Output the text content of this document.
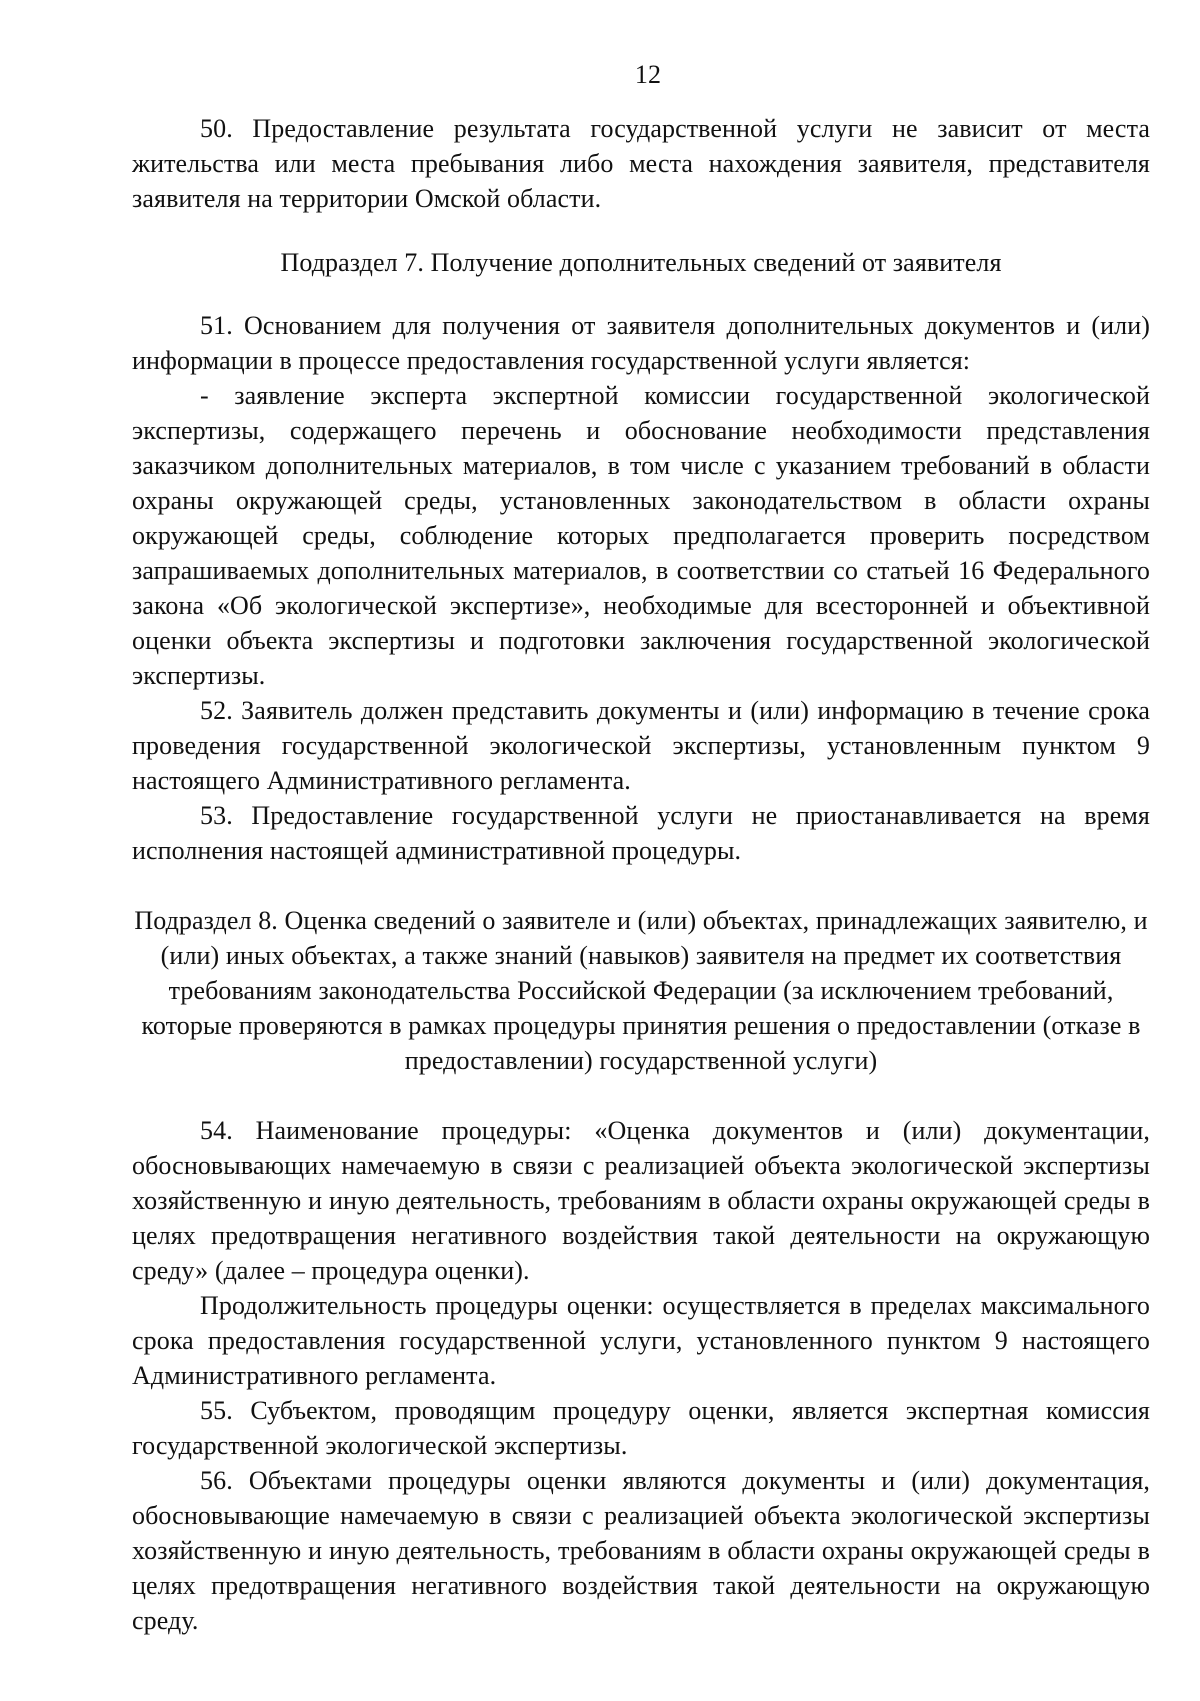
12

50. Предоставление результата государственной услуги не зависит от места жительства или места пребывания либо места нахождения заявителя, представителя заявителя на территории Омской области.

Подраздел 7. Получение дополнительных сведений от заявителя

51. Основанием для получения от заявителя дополнительных документов и (или) информации в процессе предоставления государственной услуги является:

- заявление эксперта экспертной комиссии государственной экологической экспертизы, содержащего перечень и обоснование необходимости представления заказчиком дополнительных материалов, в том числе с указанием требований в области охраны окружающей среды, установленных законодательством в области охраны окружающей среды, соблюдение которых предполагается проверить посредством запрашиваемых дополнительных материалов, в соответствии со статьей 16 Федерального закона «Об экологической экспертизе», необходимые для всесторонней и объективной оценки объекта экспертизы и подготовки заключения государственной экологической экспертизы.

52. Заявитель должен представить документы и (или) информацию в течение срока проведения государственной экологической экспертизы, установленным пунктом 9 настоящего Административного регламента.

53. Предоставление государственной услуги не приостанавливается на время исполнения настоящей административной процедуры.

Подраздел 8. Оценка сведений о заявителе и (или) объектах, принадлежащих заявителю, и (или) иных объектах, а также знаний (навыков) заявителя на предмет их соответствия требованиям законодательства Российской Федерации (за исключением требований, которые проверяются в рамках процедуры принятия решения о предоставлении (отказе в предоставлении) государственной услуги)

54. Наименование процедуры: «Оценка документов и (или) документации, обосновывающих намечаемую в связи с реализацией объекта экологической экспертизы хозяйственную и иную деятельность, требованиям в области охраны окружающей среды в целях предотвращения негативного воздействия такой деятельности на окружающую среду» (далее – процедура оценки).

Продолжительность процедуры оценки: осуществляется в пределах максимального срока предоставления государственной услуги, установленного пунктом 9 настоящего Административного регламента.

55. Субъектом, проводящим процедуру оценки, является экспертная комиссия государственной экологической экспертизы.

56. Объектами процедуры оценки являются документы и (или) документация, обосновывающие намечаемую в связи с реализацией объекта экологической экспертизы хозяйственную и иную деятельность, требованиям в области охраны окружающей среды в целях предотвращения негативного воздействия такой деятельности на окружающую среду.
